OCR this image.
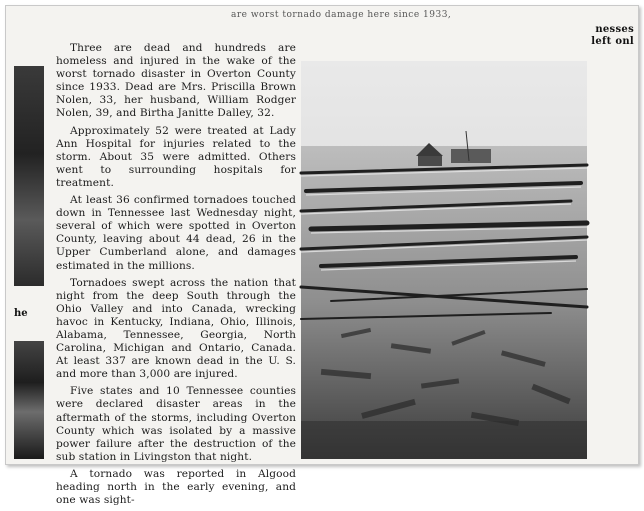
are worst tornado damage here since 1933,
nesses
left onl
he

Three are dead and hundreds are homeless and injured in the wake of the worst tornado disaster in Overton County since 1933. Dead are Mrs. Priscilla Brown Nolen, 33, her husband, William Rodger Nolen, 39, and Birtha Janitte Dalley, 32.

Approximately 52 were treated at Lady Ann Hospital for injuries related to the storm. About 35 were admitted. Others went to surrounding hospitals for treatment.

At least 36 confirmed tornadoes touched down in Tennessee last Wednesday night, several of which were spotted in Overton County, leaving about 44 dead, 26 in the Upper Cumberland alone, and damages estimated in the millions.

Tornadoes swept across the nation that night from the deep South through the Ohio Valley and into Canada, wrecking havoc in Kentucky, Indiana, Ohio, Illinois, Alabama, Tennessee, Georgia, North Carolina, Michigan and Ontario, Canada. At least 337 are known dead in the U. S. and more than 3,000 are injured.

Five states and 10 Tennessee counties were declared disaster areas in the aftermath of the storms, including Overton County which was isolated by a massive power failure after the destruction of the sub station in Livingston that night.

A tornado was reported in Algood heading north in the early evening, and one was sight-
